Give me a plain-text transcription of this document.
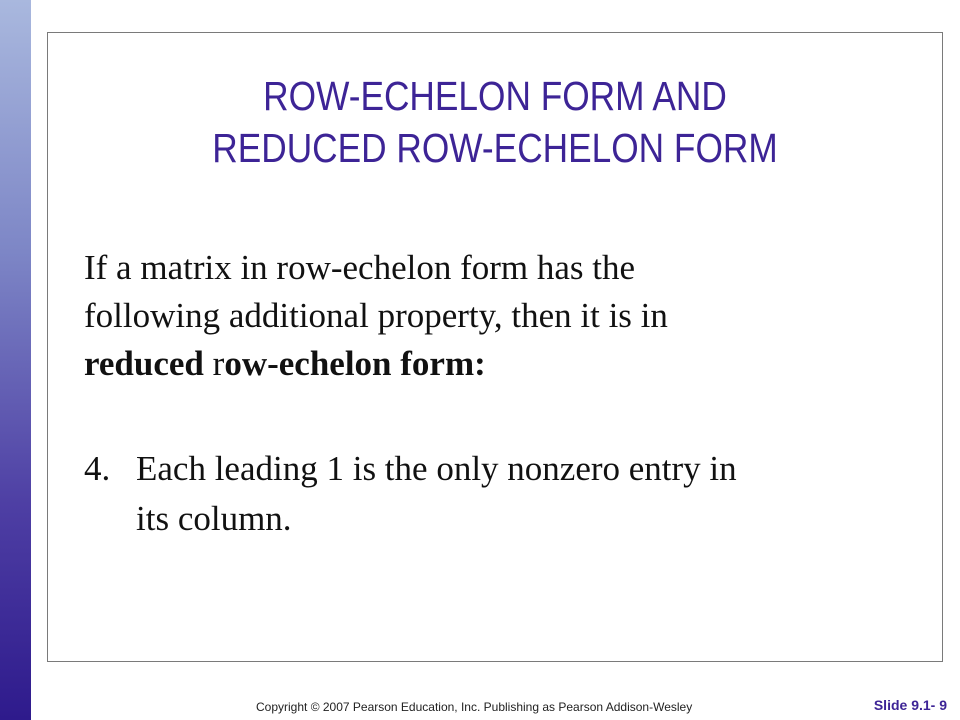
ROW-ECHELON FORM AND
REDUCED ROW-ECHELON FORM
If a matrix in row-echelon form has the
following additional property, then it is in
reduced row-echelon form:
4. Each leading 1 is the only nonzero entry in
its column.
Copyright © 2007 Pearson Education, Inc. Publishing as Pearson Addison-Wesley	Slide 9.1- 9
